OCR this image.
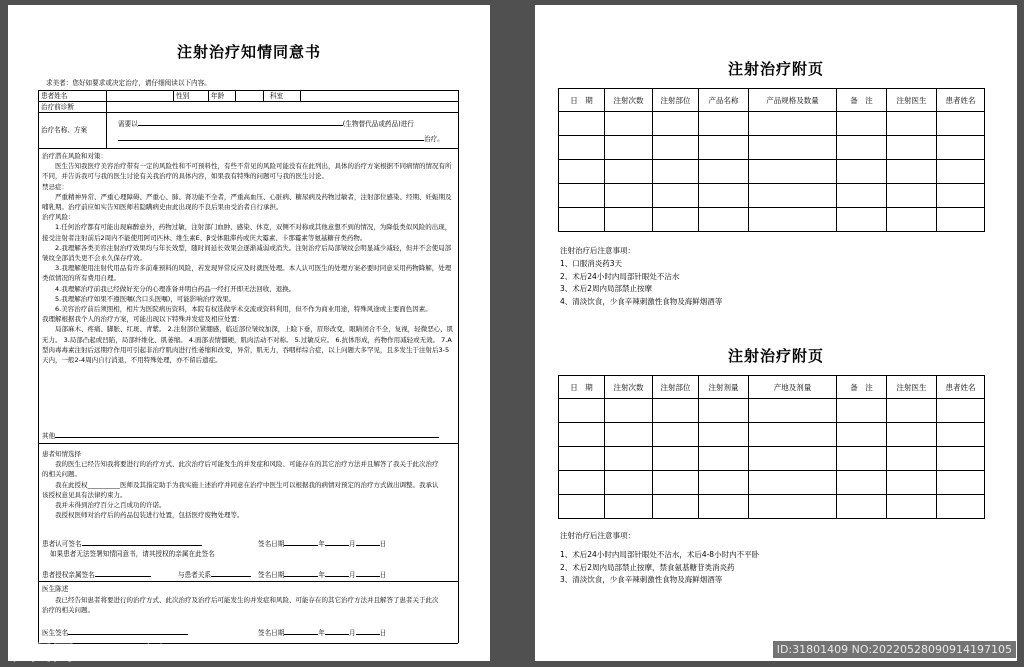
注射治疗知情同意书
求美者：您好如要求或决定治疗，请仔细阅读以下内容。
患者姓名	性别	年龄	科室
治疗前诊断
治疗名称、方案
需要以	(生物替代品或药品)进行
治疗。
治疗潜在风险和对策：
医生告知我医疗美容治疗带有一定的风险性和不可预料性，有些不常见的风险可能没有在此列出，具体的治疗方案根据不同病情的情况有所不同，并告诉我可与我的医生讨论有关我治疗的具体内容，如果我有特殊的问题可与我的医生讨论。
禁忌症：
严重精神异常、严重心理障碍、严重心、肺、肾功能不全者，严重高血压、心脏病、糖尿病及药物过敏者，注射部位感染、经期、妊娠期及哺乳期。治疗前应如实告知医师若隐瞒病史由此出现的不良后果由受治者自行承担。
治疗风险：
1.任何治疗都有可能出现麻醉意外，药物过敏，注射部门血肿、感染、休克，双侧不对称或其他意想不到的情况，为降低类似风险的出现，接受注射者注射前后2周内不能使用阿司匹林、维生素E、β受体阻滞药或庆大霉素、卡那霉素等氨基糖苷类药物。
2.我理解各类美容注射治疗效果均与年长效型，随时间延长效果会逐渐减弱或消失。注射治疗后局部皱纹会明显减少减轻，但并不会使局部皱纹全部消失更不会永久保存疗效。
3.我理解使用注射代用品有许多前难预料的风险，若发现异常反应及时就医处理。本人认可医生的处理方案必要时同意采用药物降解，处理类似情况的所有费用自理。
4.我理解治疗前我已经做好充分的心理准备并明白药品一经打开即无法回收、退换。
5.我理解治疗如果不遵医嘱(含口头医嘱)，可能影响治疗效果。
6.美容治疗前后须照相，相片为医院病历资料，本院有权选做学术交流或资料利用，但不作为商业用途，特殊风途或主要面色因素。
我理解根据我个人的治疗方案，可能出现以下特殊并发症及相应处置：
局部麻木、疼痛、脚胀、红斑、青紫。 2.注射部位紧绷感，临近部位皱纹加深，上睑下垂，眉形改变，眼睛闭合不全，复视，轻微恶心、肌无力。 3.局部凸起或凹陷，局部纤维化、肌萎缩。 4.面部表情僵硬，肌肉活动不对称。 5.过敏反应。 6.抗体形成，药物作用减轻或无效。 7.A型肉毒毒素注射后远期疗作用可引起非治疗肌肉进行性萎缩和改变，异常，肌无力，吞咽样综合症，以上问题大多罕见，且多发生于注射后3-5天内，一般2-4周内自行消退，不用特殊处理，亦不留后遗症。
其他
患者知情选择
我的医生已经告知我将要进行的治疗方式、此次治疗后可能发生的并发症和风险、可能存在的其它治疗方法并且解答了我关于此次治疗的相关问题。
我在此授权__________医师及其指定助手为我实施上述治疗并同意在治疗中医生可以根据我的病情对预定的治疗方式做出调整。我承认该授权意见具有法律约束力。
我并未得到治疗百分之百成功的许诺。
我授权医师对治疗后的药品包装进行处置，包括医疗废物处理等。
患者认可签名	签名日期	年	月	日
如果患者无法签署知情同意书，请其授权的亲属在此签名
患者授权亲属签名	与患者关系	签名日期	年	月	日
医生陈述
我已经告知患者将要进行的治疗方式、此次治疗及治疗后可能发生的并发症和风险、可能存在的其它治疗方法并且解答了患者关于此次治疗的相关问题。
医生签名	签名日期	年	月	日
注射治疗附页
日　期	注射次数	注射部位	产品名称	产品规格及数量	备　注	注射医生	患者姓名

注射治疗后注意事项：
1、口服消炎药3天
2、术后24小时内局部针眼处不沾水
3、术后2周内局部禁止按摩
4、清淡饮食，少食辛辣刺激性食物及海鲜烟酒等
注射治疗附页
日　期	注射次数	注射部位	注射剂量	产地及剂量	备　注	注射医生	患者姓名

注射治疗后注意事项：
1、术后24小时内局部针眼处不沾水，术后4-8小时内不平卧
2、术后2周内局部禁止按摩，禁食氨基糖苷类消炎药
3、清淡饮食，少食辛辣刺激性食物及海鲜烟酒等
昵图网 www.nipic.com	ID:31801409 NO:20220528090914197105
